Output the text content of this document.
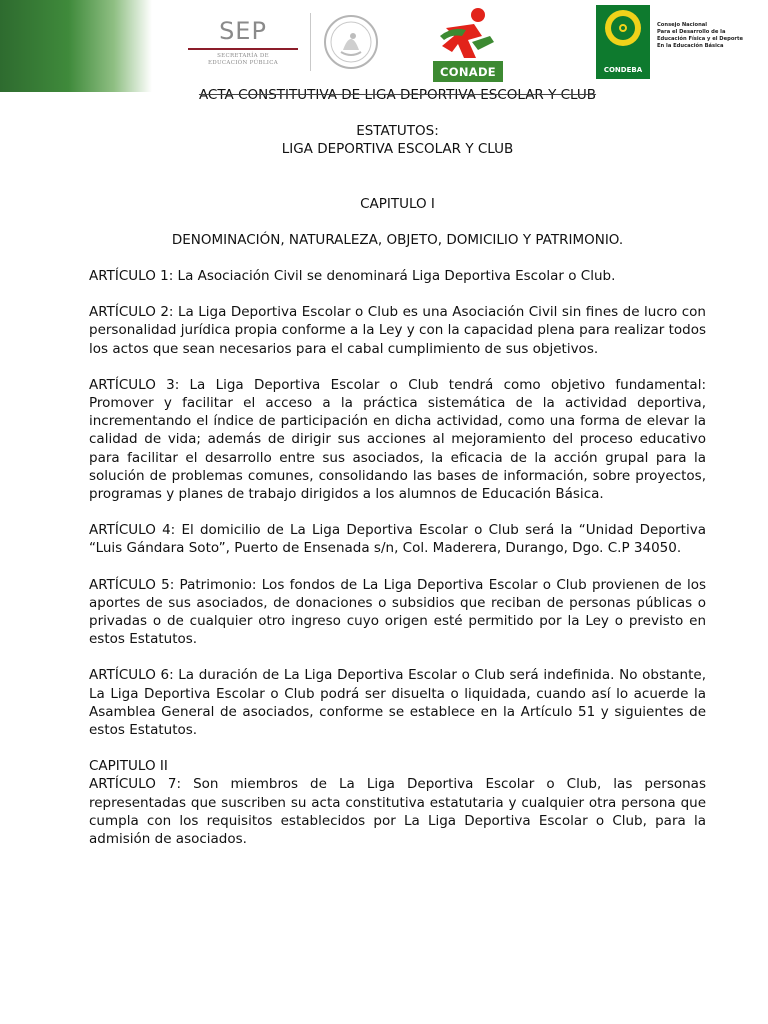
SEP
SECRETARÍA DE
EDUCACIÓN PÚBLICA
CONADE	CONDEBA
Consejo Nacional
Para el Desarrollo de la
Educación Física y el Deporte
En la Educación Básica

ACTA CONSTITUTIVA DE LIGA DEPORTIVA ESCOLAR Y CLUB

ESTATUTOS:

LIGA DEPORTIVA ESCOLAR Y CLUB

CAPITULO I

DENOMINACIÓN, NATURALEZA, OBJETO, DOMICILIO Y PATRIMONIO.

ARTÍCULO 1: La Asociación Civil se denominará Liga Deportiva Escolar o Club.

ARTÍCULO 2: La Liga Deportiva Escolar o Club es una Asociación Civil sin fines de lucro con personalidad jurídica propia conforme a la Ley y con la capacidad plena para realizar todos los actos que sean necesarios para el cabal cumplimiento de sus objetivos.

ARTÍCULO 3: La Liga Deportiva Escolar o Club tendrá como objetivo fundamental: Promover y facilitar el acceso a la práctica sistemática de la actividad deportiva, incrementando el índice de participación en dicha actividad, como una forma de elevar la calidad de vida; además de dirigir sus acciones al mejoramiento del proceso educativo para facilitar el desarrollo entre sus asociados, la eficacia de la acción grupal para la solución de problemas comunes, consolidando las bases de información, sobre proyectos, programas y planes de trabajo dirigidos a los alumnos de Educación Básica.

ARTÍCULO 4: El domicilio de La Liga Deportiva Escolar o Club será la “Unidad Deportiva “Luis Gándara Soto”, Puerto de Ensenada s/n, Col. Maderera, Durango, Dgo. C.P 34050.

ARTÍCULO 5: Patrimonio: Los fondos de La Liga Deportiva Escolar o Club provienen de los aportes de sus asociados, de donaciones o subsidios que reciban de personas públicas o privadas o de cualquier otro ingreso cuyo origen esté permitido por la Ley o previsto en estos Estatutos.

ARTÍCULO 6: La duración de La Liga Deportiva Escolar o Club será indefinida. No obstante, La Liga Deportiva Escolar o Club podrá ser disuelta o liquidada, cuando así lo acuerde la Asamblea General de asociados, conforme se establece en la Artículo 51 y siguientes de estos Estatutos.

CAPITULO II

ARTÍCULO 7: Son miembros de La Liga Deportiva Escolar o Club, las personas representadas que suscriben su acta constitutiva estatutaria y cualquier otra persona que cumpla con los requisitos establecidos por La Liga Deportiva Escolar o Club, para la admisión de asociados.
